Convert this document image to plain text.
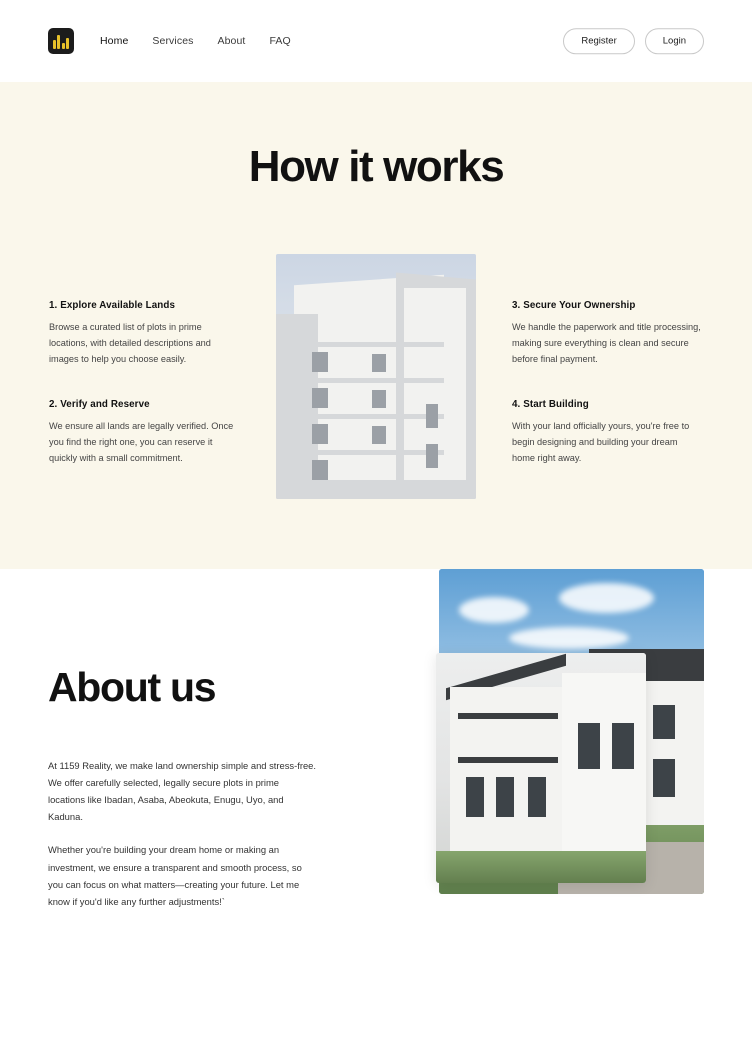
Home Services About FAQ	Register	Login
How it works
1. Explore Available Lands
Browse a curated list of plots in prime locations, with detailed descriptions and images to help you choose easily.
2. Verify and Reserve
We ensure all lands are legally verified. Once you find the right one, you can reserve it quickly with a small commitment.
3. Secure Your Ownership
We handle the paperwork and title processing, making sure everything is clean and secure before final payment.
4. Start Building
With your land officially yours, you're free to begin designing and building your dream home right away.
About us

At 1159 Reality, we make land ownership simple and stress-free. We offer carefully selected, legally secure plots in prime locations like Ibadan, Asaba, Abeokuta, Enugu, Uyo, and Kaduna.

Whether you're building your dream home or making an investment, we ensure a transparent and smooth process, so you can focus on what matters—creating your future. Let me know if you'd like any further adjustments!`
